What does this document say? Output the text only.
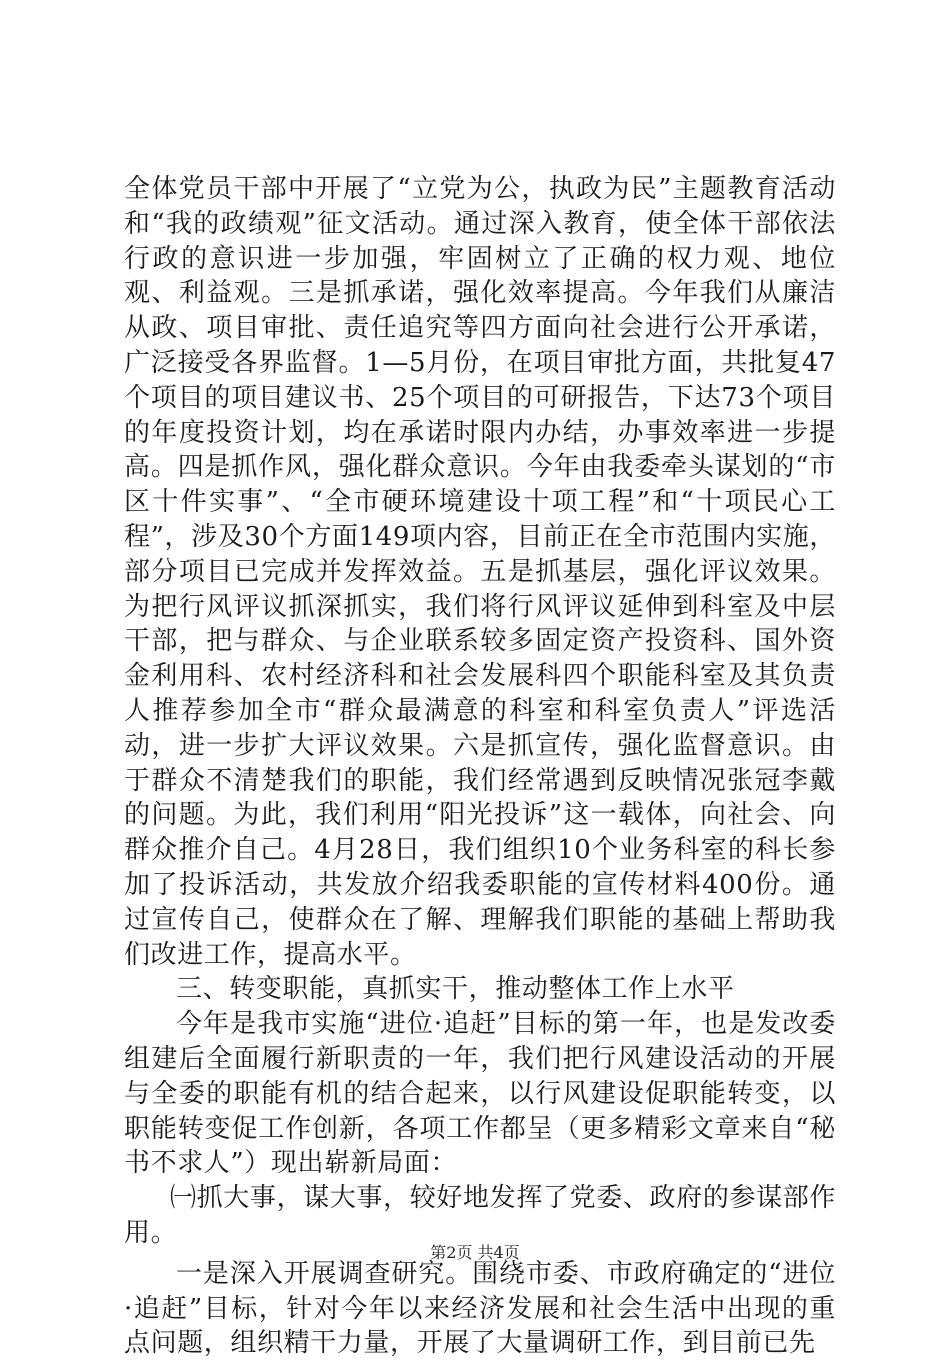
全体党员干部中开展了“立党为公，执政为民”主题教育活动和“我的政绩观”征文活动。通过深入教育，使全体干部依法行政的意识进一步加强，牢固树立了正确的权力观、地位观、利益观。三是抓承诺，强化效率提高。今年我们从廉洁从政、项目审批、责任追究等四方面向社会进行公开承诺，广泛接受各界监督。1—5月份，在项目审批方面，共批复47个项目的项目建议书、25个项目的可研报告，下达73个项目的年度投资计划，均在承诺时限内办结，办事效率进一步提高。四是抓作风，强化群众意识。今年由我委牵头谋划的“市区十件实事”、“全市硬环境建设十项工程”和“十项民心工程”，涉及30个方面149项内容，目前正在全市范围内实施，部分项目已完成并发挥效益。五是抓基层，强化评议效果。为把行风评议抓深抓实，我们将行风评议延伸到科室及中层干部，把与群众、与企业联系较多固定资产投资科、国外资金利用科、农村经济科和社会发展科四个职能科室及其负责人推荐参加全市“群众最满意的科室和科室负责人”评选活动，进一步扩大评议效果。六是抓宣传，强化监督意识。由于群众不清楚我们的职能，我们经常遇到反映情况张冠李戴的问题。为此，我们利用“阳光投诉”这一载体，向社会、向群众推介自己。4月28日，我们组织10个业务科室的科长参加了投诉活动，共发放介绍我委职能的宣传材料400份。通过宣传自己，使群众在了解、理解我们职能的基础上帮助我们改进工作，提高水平。

三、转变职能，真抓实干，推动整体工作上水平

今年是我市实施“进位·追赶”目标的第一年，也是发改委组建后全面履行新职责的一年，我们把行风建设活动的开展与全委的职能有机的结合起来，以行风建设促职能转变，以职能转变促工作创新，各项工作都呈（更多精彩文章来自“秘书不求人”）现出崭新局面：

㈠抓大事，谋大事，较好地发挥了党委、政府的参谋部作用。

一是深入开展调查研究。围绕市委、市政府确定的“进位·追赶”目标，针对今年以来经济发展和社会生活中出现的重点问题，组织精干力量，开展了大量调研工作，到目前已先

第2页 共4页
